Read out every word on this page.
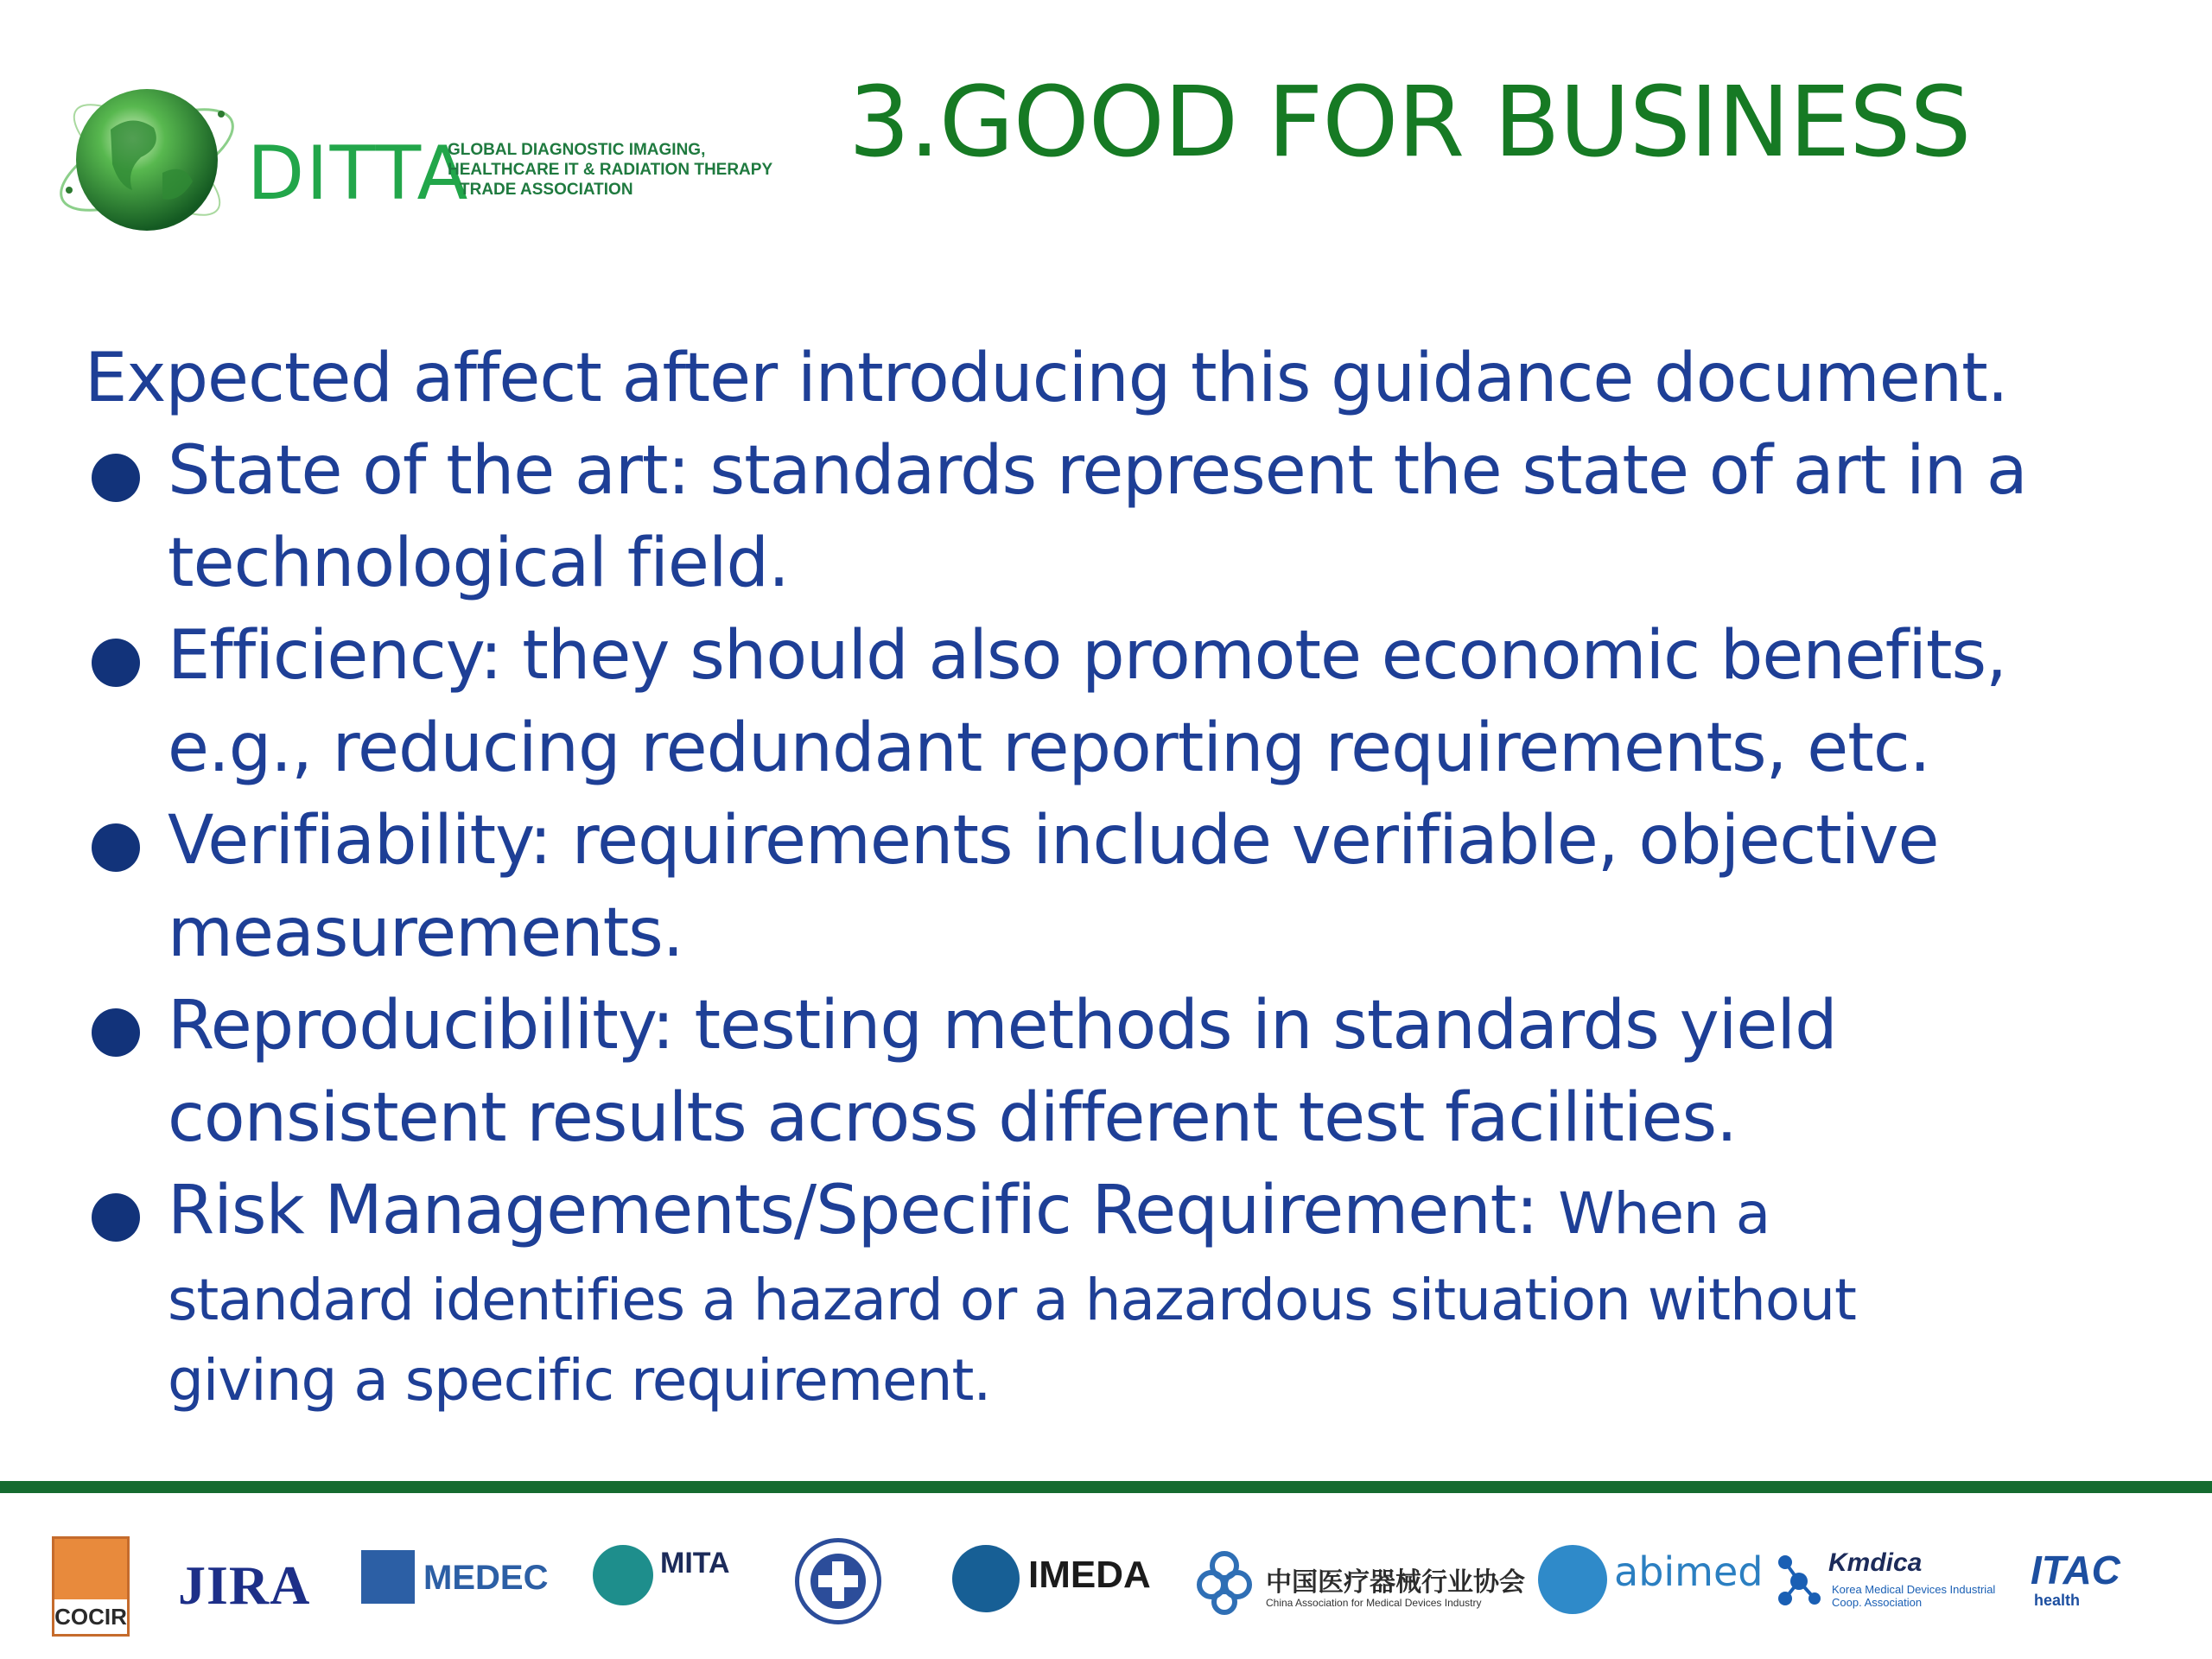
DITTA
GLOBAL DIAGNOSTIC IMAGING,
HEALTHCARE IT & RADIATION THERAPY
TRADE ASSOCIATION
3.GOOD FOR BUSINESS
Expected affect after introducing this guidance document.
State of the art: standards represent the state of art in a
technological field.
Efficiency: they should also promote economic benefits,
e.g., reducing redundant reporting requirements, etc.
Verifiability: requirements include verifiable, objective
measurements.
Reproducibility: testing methods in standards yield
consistent results across different test facilities.
Risk Managements/Specific Requirement: When a
standard identifies a hazard or a hazardous situation without
giving a specific requirement.
COCIR
JIRA	MEDEC	MITA	IMEDA	中国医疗器械行业协会
China Association for Medical Devices Industry
abimed	Kmdica
Korea Medical Devices Industrial
Coop. Association
ITAC
health
